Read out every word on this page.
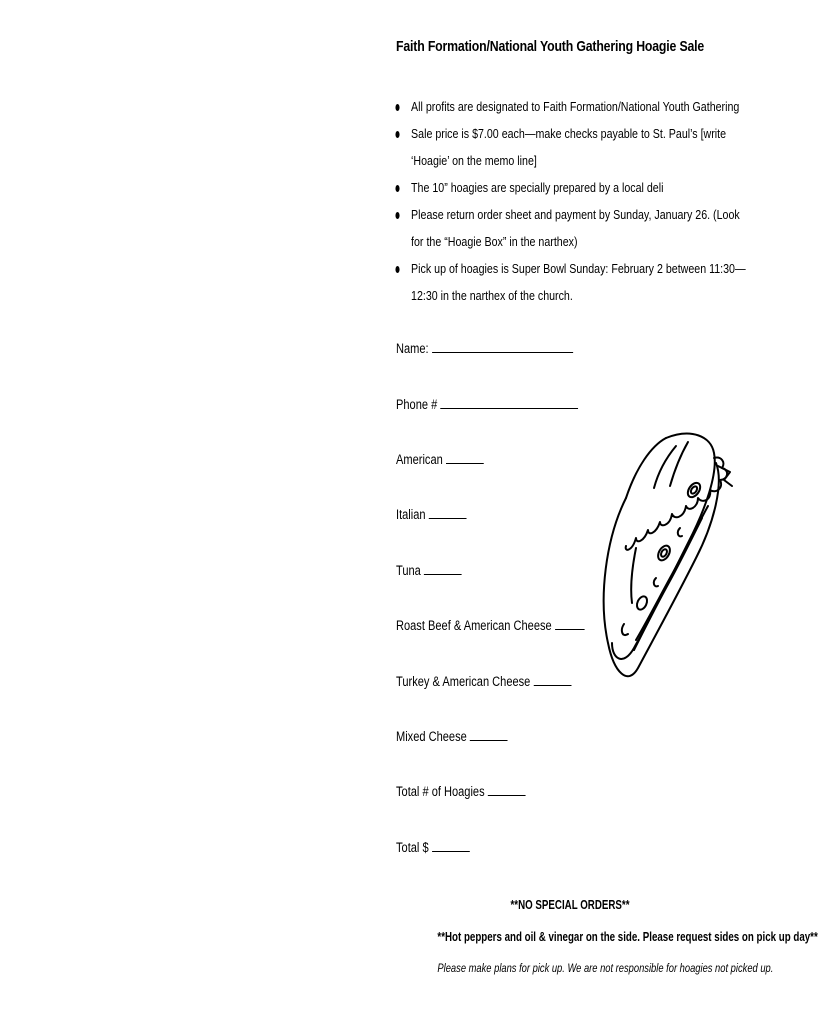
Faith Formation/National Youth Gathering Hoagie Sale
All profits are designated to Faith Formation/National Youth Gathering
Sale price is $7.00 each—make checks payable to St. Paul’s [write ‘Hoagie’ on the memo line]
The 10” hoagies are specially prepared by a local deli
Please return order sheet and payment by Sunday, January 26. (Look for the “Hoagie Box” in the narthex)
Pick up of hoagies is Super Bowl Sunday: February 2 between 11:30—12:30 in the narthex of the church.
Name:
Phone #
American
Italian
Tuna
Roast Beef & American Cheese
Turkey & American Cheese
Mixed Cheese
Total # of Hoagies
Total $
**NO SPECIAL ORDERS**
**Hot peppers and oil & vinegar on the side. Please request sides on pick up day**
Please make plans for pick up. We are not responsible for hoagies not picked up.
